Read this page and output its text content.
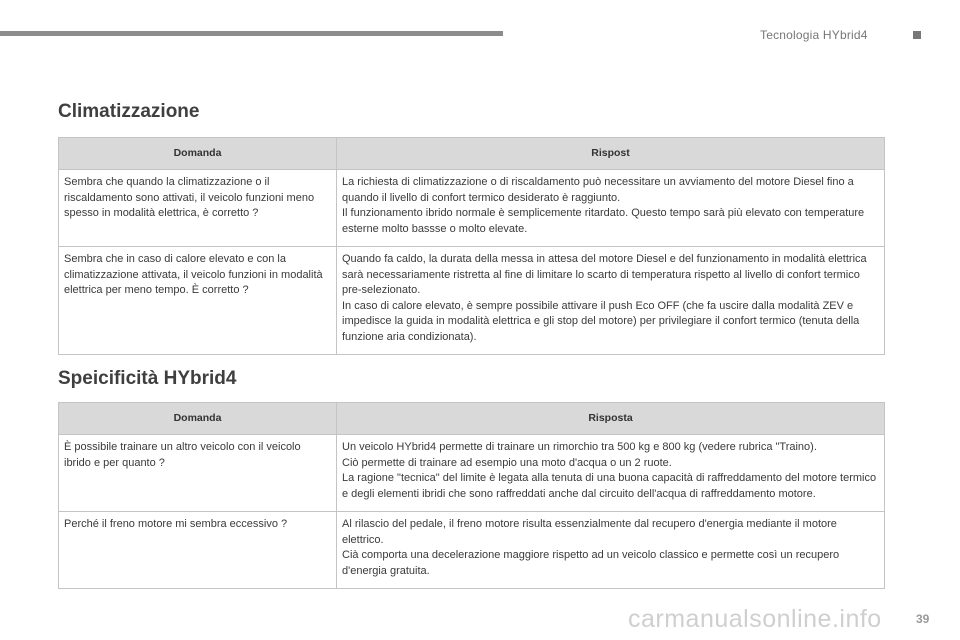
Tecnologia HYbrid4
Climatizzazione
Domanda	Rispost
Sembra che quando la climatizzazione o il riscaldamento sono attivati, il veicolo funzioni meno spesso in modalità elettrica, è corretto ?	La richiesta di climatizzazione o di riscaldamento può necessitare un avviamento del motore Diesel fino a quando il livello di confort termico desiderato è raggiunto.
Il funzionamento ibrido normale è semplicemente ritardato. Questo tempo sarà più elevato con temperature esterne molto bassse o molto elevate.

Sembra che in caso di calore elevato e con la climatizzazione attivata, il veicolo funzioni in modalità elettrica per meno tempo. È corretto ?	Quando fa caldo, la durata della messa in attesa del motore Diesel e del funzionamento in modalità elettrica sarà necessariamente ristretta al fine di limitare lo scarto di temperatura rispetto al livello di confort termico pre-selezionato.
In caso di calore elevato, è sempre possibile attivare il push Eco OFF (che fa uscire dalla modalità ZEV e impedisce la guida in modalità elettrica e gli stop del motore) per privilegiare il confort termico (tenuta della funzione aria condizionata).
Speicificità HYbrid4
Domanda	Risposta
È possibile trainare un altro veicolo con il veicolo ibrido e per quanto ?	Un veicolo HYbrid4 permette di trainare un rimorchio tra 500 kg e 800 kg (vedere rubrica "Traino).
Ciò permette di trainare ad esempio una moto d'acqua o un 2 ruote.
La ragione "tecnica" del limite è legata alla tenuta di una buona capacità di raffreddamento del motore termico e degli elementi ibridi che sono raffreddati anche dal circuito dell'acqua di raffreddamento motore.

Perché il freno motore mi sembra eccessivo ?	Al rilascio del pedale, il freno motore risulta essenzialmente dal recupero d'energia mediante il motore elettrico.
Cià comporta una decelerazione maggiore rispetto ad un veicolo classico e permette così un recupero d'energia gratuita.
carmanualsonline.info	39
